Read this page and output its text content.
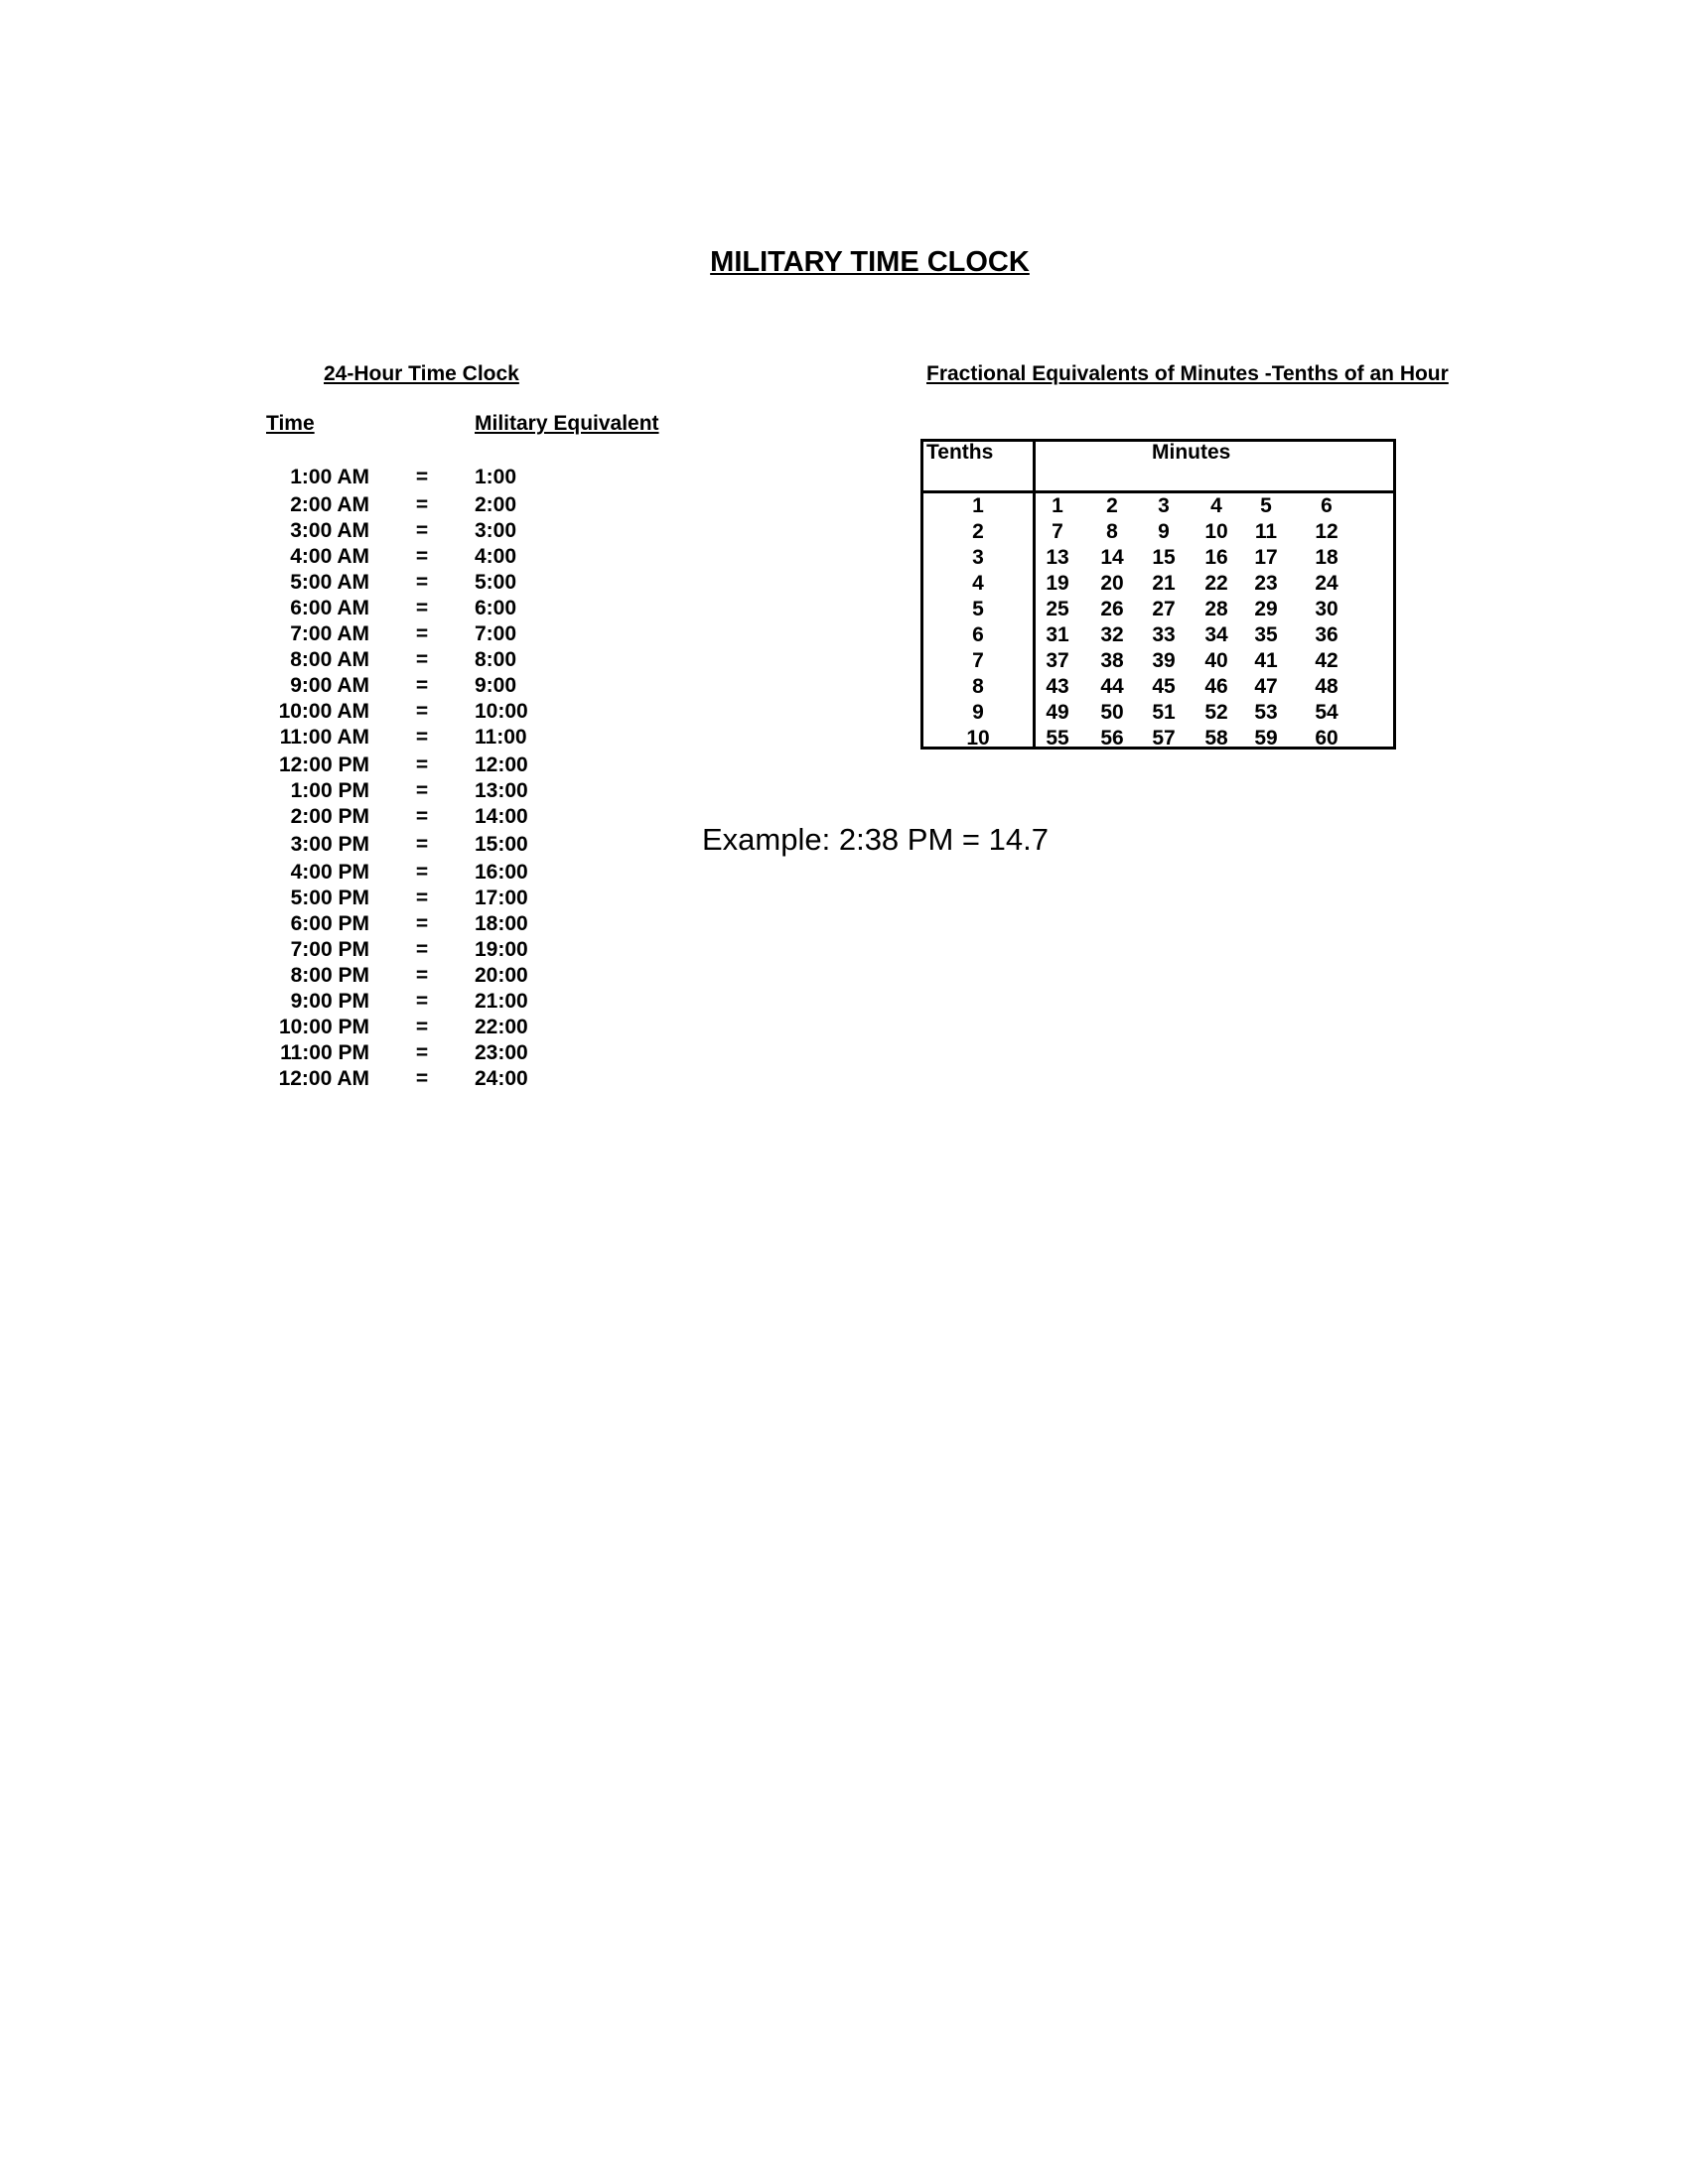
MILITARY TIME CLOCK
24-Hour Time Clock
Time	Military Equivalent
1:00 AM	=	1:00
2:00 AM	=	2:00
3:00 AM	=	3:00
4:00 AM	=	4:00
5:00 AM	=	5:00
6:00 AM	=	6:00
7:00 AM	=	7:00
8:00 AM	=	8:00
9:00 AM	=	9:00
10:00 AM	=	10:00
11:00 AM	=	11:00
12:00 PM	=	12:00
1:00 PM	=	13:00
2:00 PM	=	14:00
3:00 PM	=	15:00
4:00 PM	=	16:00
5:00 PM	=	17:00
6:00 PM	=	18:00
7:00 PM	=	19:00
8:00 PM	=	20:00
9:00 PM	=	21:00
10:00 PM	=	22:00
11:00 PM	=	23:00
12:00 AM	=	24:00
Fractional Equivalents of Minutes -Tenths of an Hour
Tenths	Minutes
1	1	2	3	4	5	6
2	7	8	9	10	11	12
3	13	14	15	16	17	18
4	19	20	21	22	23	24
5	25	26	27	28	29	30
6	31	32	33	34	35	36
7	37	38	39	40	41	42
8	43	44	45	46	47	48
9	49	50	51	52	53	54
10	55	56	57	58	59	60
Example: 2:38 PM = 14.7
